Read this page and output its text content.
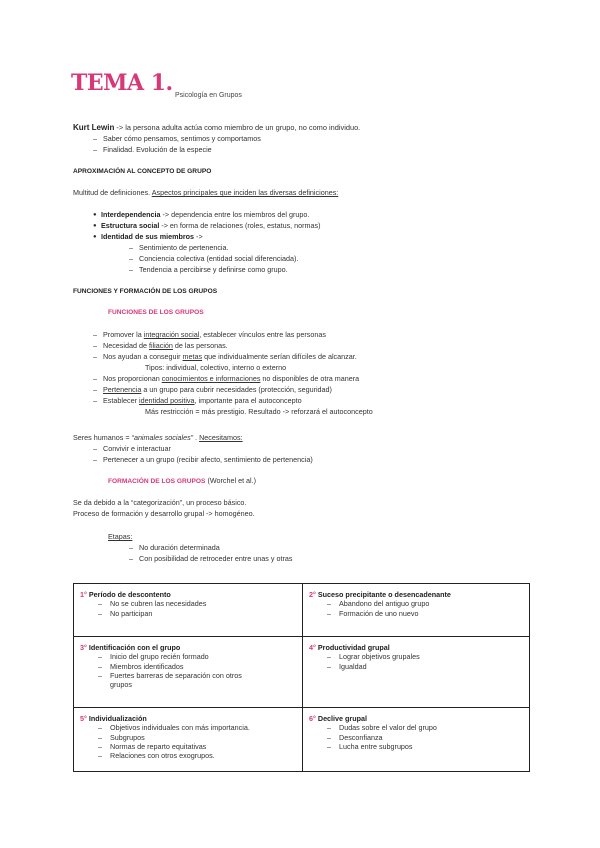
TEMA 1. Psicología en Grupos
Kurt Lewin -> la persona adulta actúa como miembro de un grupo, no como individuo.
– Saber cómo pensamos, sentimos y comportamos
– Finalidad. Evolución de la especie
APROXIMACIÓN AL CONCEPTO DE GRUPO
Multitud de definiciones. Aspectos principales que inciden las diversas definiciones:
● Interdependencia -> dependencia entre los miembros del grupo.
● Estructura social -> en forma de relaciones (roles, estatus, normas)
● Identidad de sus miembros ->
– Sentimiento de pertenencia.
– Conciencia colectiva (entidad social diferenciada).
– Tendencia a percibirse y definirse como grupo.
FUNCIONES Y FORMACIÓN DE LOS GRUPOS
FUNCIONES DE LOS GRUPOS
– Promover la integración social, establecer vínculos entre las personas
– Necesidad de filiación de las personas.
– Nos ayudan a conseguir metas que individualmente serían difíciles de alcanzar.
Tipos: individual, colectivo, interno o externo
– Nos proporcionan conocimientos e informaciones no disponibles de otra manera
– Pertenencia a un grupo para cubrir necesidades (protección, seguridad)
– Establecer identidad positiva, importante para el autoconcepto
Más restricción = más prestigio. Resultado -> reforzará el autoconcepto
Seres humanos = “animales sociales” . Necesitamos:
– Convivir e interactuar
– Pertenecer a un grupo (recibir afecto, sentimiento de pertenencia)
FORMACIÓN DE LOS GRUPOS (Worchel et al.)
Se da debido a la “categorización”, un proceso básico.
Proceso de formación y desarrollo grupal -> homogéneo.
Etapas:
– No duración determinada
– Con posibilidad de retroceder entre unas y otras
1° Período de descontento
– No se cubren las necesidades
– No participan
2° Suceso precipitante o desencadenante
– Abandono del antiguo grupo
– Formación de uno nuevo
3° Identificación con el grupo
– Inicio del grupo recién formado
– Miembros identificados
– Fuertes barreras de separación con otros
grupos
4° Productividad grupal
– Lograr objetivos grupales
– Igualdad
5° Individualización
– Objetivos individuales con más importancia.
– Subgrupos
– Normas de reparto equitativas
– Relaciones con otros exogrupos.
6° Declive grupal
– Dudas sobre el valor del grupo
– Desconfianza
– Lucha entre subgrupos
